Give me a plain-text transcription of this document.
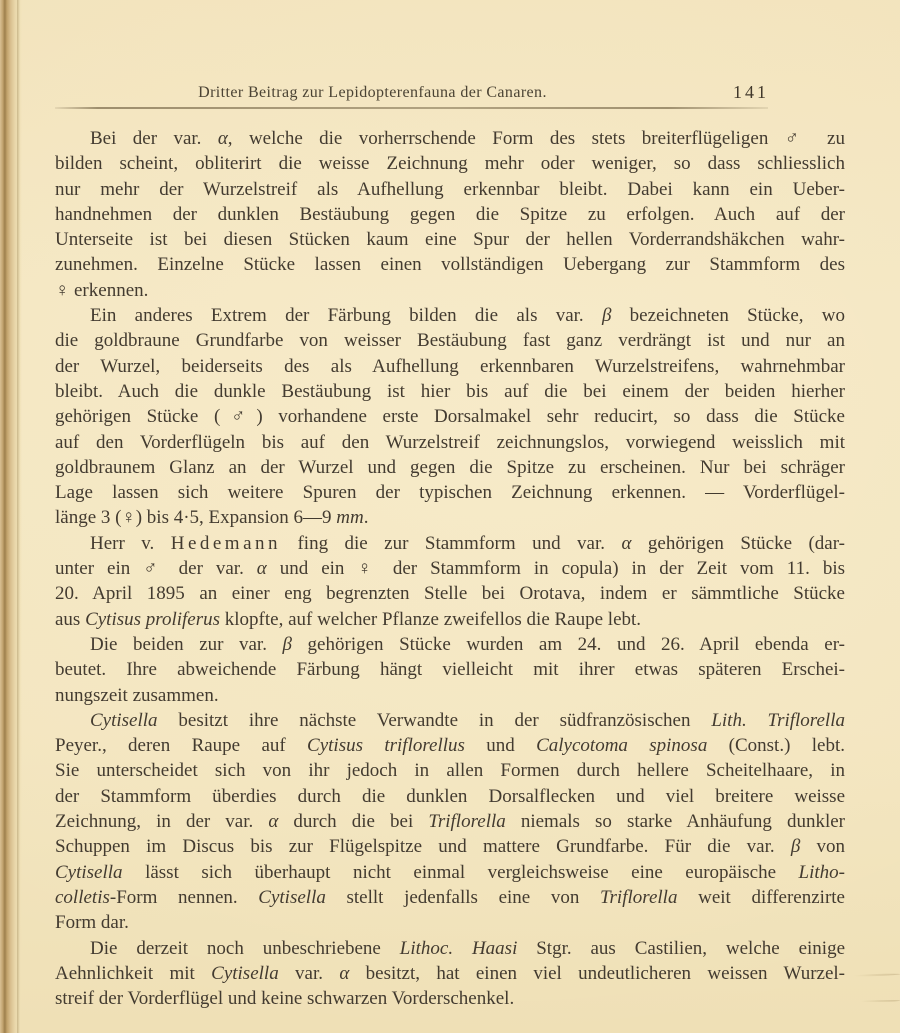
Dritter Beitrag zur Lepidopterenfauna der Canaren.	141
Bei der var. α, welche die vorherrschende Form des stets breiterflügeligen ♂ zu
bilden scheint, obliterirt die weisse Zeichnung mehr oder weniger, so dass schliesslich
nur mehr der Wurzelstreif als Aufhellung erkennbar bleibt. Dabei kann ein Ueber-
handnehmen der dunklen Bestäubung gegen die Spitze zu erfolgen. Auch auf der
Unterseite ist bei diesen Stücken kaum eine Spur der hellen Vorderrandshäkchen wahr-
zunehmen. Einzelne Stücke lassen einen vollständigen Uebergang zur Stammform des
♀ erkennen.
Ein anderes Extrem der Färbung bilden die als var. β bezeichneten Stücke, wo
die goldbraune Grundfarbe von weisser Bestäubung fast ganz verdrängt ist und nur an
der Wurzel, beiderseits des als Aufhellung erkennbaren Wurzelstreifens, wahrnehmbar
bleibt. Auch die dunkle Bestäubung ist hier bis auf die bei einem der beiden hierher
gehörigen Stücke (♂) vorhandene erste Dorsalmakel sehr reducirt, so dass die Stücke
auf den Vorderflügeln bis auf den Wurzelstreif zeichnungslos, vorwiegend weisslich mit
goldbraunem Glanz an der Wurzel und gegen die Spitze zu erscheinen. Nur bei schräger
Lage lassen sich weitere Spuren der typischen Zeichnung erkennen. — Vorderflügel-
länge 3 (♀) bis 4·5, Expansion 6—9 mm.
Herr v. Hedemann fing die zur Stammform und var. α gehörigen Stücke (dar-
unter ein ♂ der var. α und ein ♀ der Stammform in copula) in der Zeit vom 11. bis
20. April 1895 an einer eng begrenzten Stelle bei Orotava, indem er sämmtliche Stücke
aus Cytisus proliferus klopfte, auf welcher Pflanze zweifellos die Raupe lebt.
Die beiden zur var. β gehörigen Stücke wurden am 24. und 26. April ebenda er-
beutet. Ihre abweichende Färbung hängt vielleicht mit ihrer etwas späteren Erschei-
nungszeit zusammen.
Cytisella besitzt ihre nächste Verwandte in der südfranzösischen Lith. Triflorella
Peyer., deren Raupe auf Cytisus triflorellus und Calycotoma spinosa (Const.) lebt.
Sie unterscheidet sich von ihr jedoch in allen Formen durch hellere Scheitelhaare, in
der Stammform überdies durch die dunklen Dorsalflecken und viel breitere weisse
Zeichnung, in der var. α durch die bei Triflorella niemals so starke Anhäufung dunkler
Schuppen im Discus bis zur Flügelspitze und mattere Grundfarbe. Für die var. β von
Cytisella lässt sich überhaupt nicht einmal vergleichsweise eine europäische Litho-
colletis-Form nennen. Cytisella stellt jedenfalls eine von Triflorella weit differenzirte
Form dar.
Die derzeit noch unbeschriebene Lithoc. Haasi Stgr. aus Castilien, welche einige
Aehnlichkeit mit Cytisella var. α besitzt, hat einen viel undeutlicheren weissen Wurzel-
streif der Vorderflügel und keine schwarzen Vorderschenkel.
